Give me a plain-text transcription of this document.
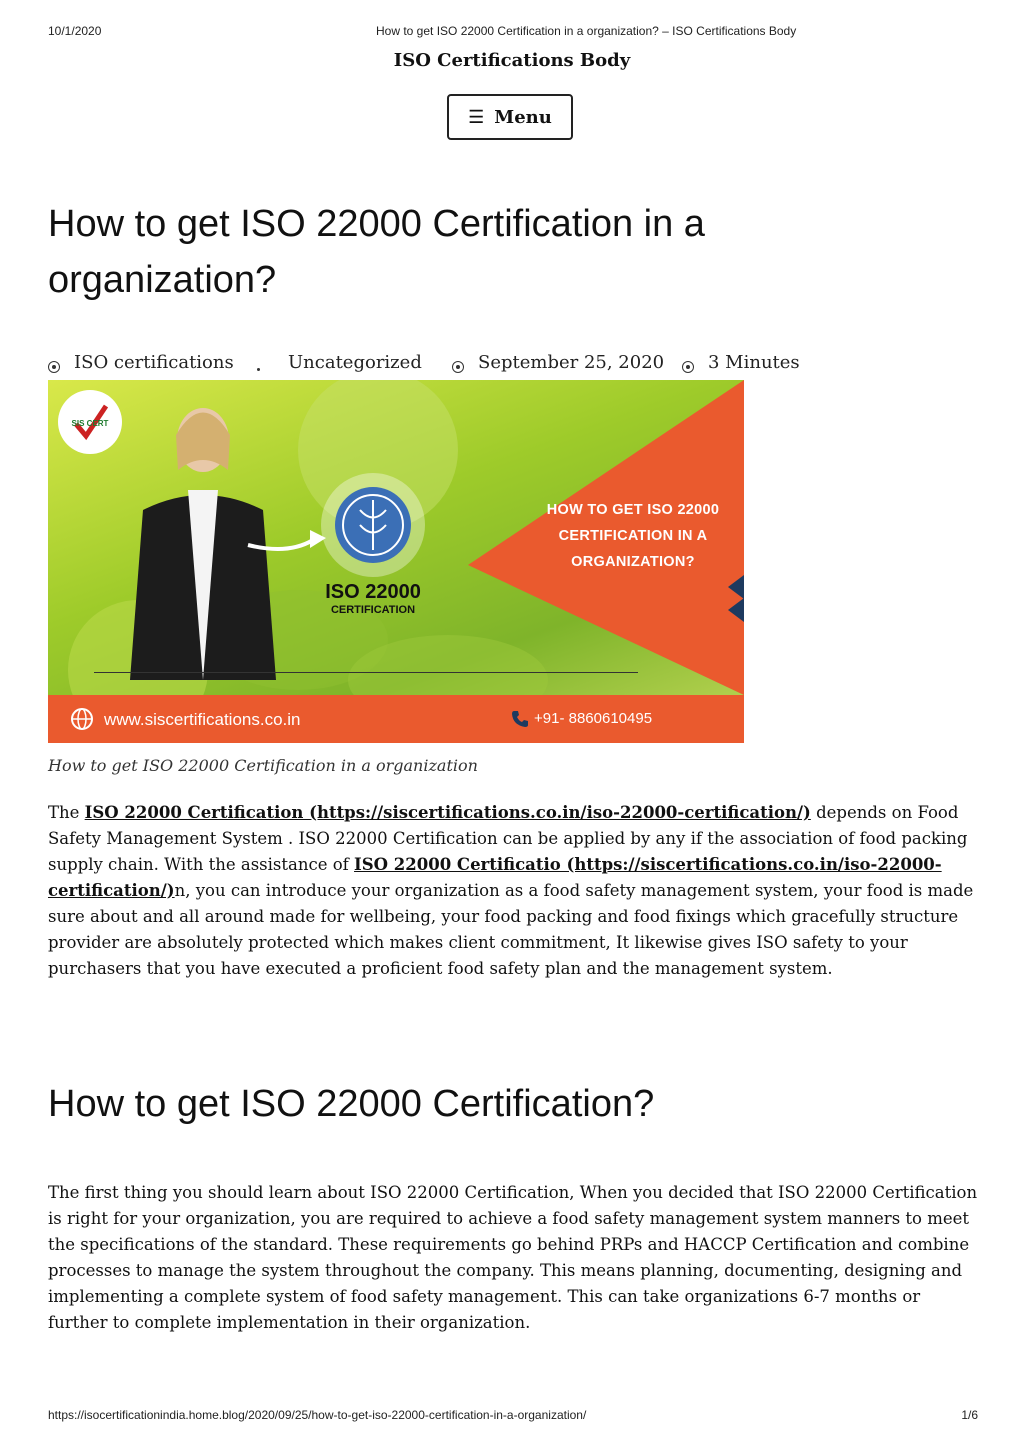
10/1/2020	How to get ISO 22000 Certification in a organization? – ISO Certifications Body
ISO Certifications Body
☰ Menu
How to get ISO 22000 Certification in a organization?
ISO certifications	Uncategorized	September 25, 2020 3 Minutes
SIS CERT
ISO 22000
CERTIFICATION
HOW TO GET ISO 22000
CERTIFICATION IN A
ORGANIZATION?
www.siscertifications.co.in	+91- 8860610495
How to get ISO 22000 Certification in a organization

The ISO 22000 Certification (https://siscertifications.co.in/iso-22000-certification/) depends on Food Safety Management System . ISO 22000 Certification can be applied by any if the association of food packing supply chain. With the assistance of ISO 22000 Certificatio (https://siscertifications.co.in/iso-22000-certification/)n, you can introduce your organization as a food safety management system, your food is made sure about and all around made for wellbeing, your food packing and food fixings which gracefully structure provider are absolutely protected which makes client commitment, It likewise gives ISO safety to your purchasers that you have executed a proficient food safety plan and the management system.

How to get ISO 22000 Certification?

The first thing you should learn about ISO 22000 Certification, When you decided that ISO 22000 Certification is right for your organization, you are required to achieve a food safety management system manners to meet the specifications of the standard. These requirements go behind PRPs and HACCP Certification and combine processes to manage the system throughout the company. This means planning, documenting, designing and implementing a complete system of food safety management. This can take organizations 6-7 months or further to complete implementation in their organization.

https://isocertificationindia.home.blog/2020/09/25/how-to-get-iso-22000-certification-in-a-organization/	1/6
